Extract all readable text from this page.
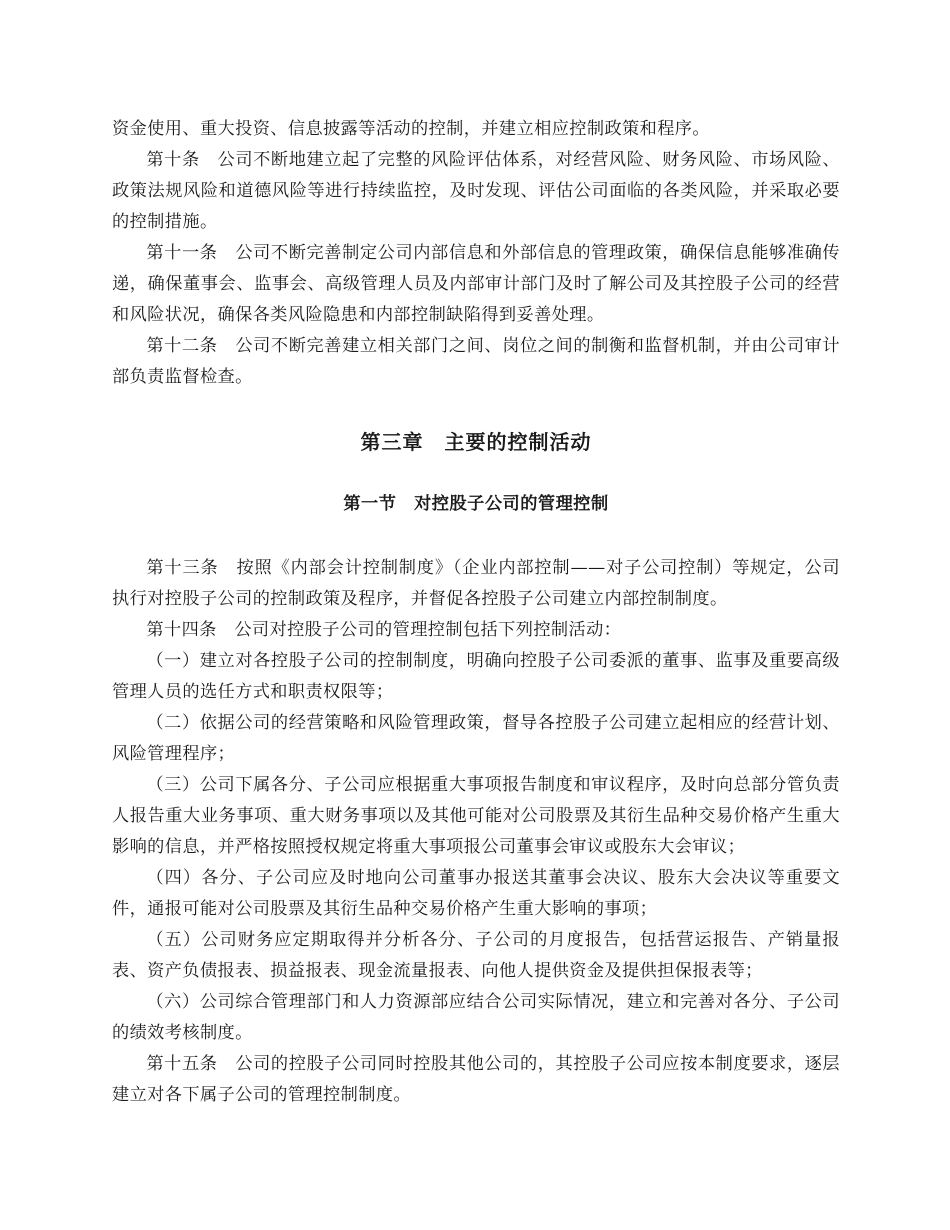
资金使用、重大投资、信息披露等活动的控制，并建立相应控制政策和程序。

第十条　公司不断地建立起了完整的风险评估体系，对经营风险、财务风险、市场风险、政策法规风险和道德风险等进行持续监控，及时发现、评估公司面临的各类风险，并采取必要的控制措施。

第十一条　公司不断完善制定公司内部信息和外部信息的管理政策，确保信息能够准确传递，确保董事会、监事会、高级管理人员及内部审计部门及时了解公司及其控股子公司的经营和风险状况，确保各类风险隐患和内部控制缺陷得到妥善处理。

第十二条　公司不断完善建立相关部门之间、岗位之间的制衡和监督机制，并由公司审计部负责监督检查。

第三章　主要的控制活动
第一节　对控股子公司的管理控制

第十三条　按照《内部会计控制制度》（企业内部控制——对子公司控制）等规定，公司执行对控股子公司的控制政策及程序，并督促各控股子公司建立内部控制制度。

第十四条　公司对控股子公司的管理控制包括下列控制活动：

（一）建立对各控股子公司的控制制度，明确向控股子公司委派的董事、监事及重要高级管理人员的选任方式和职责权限等；

（二）依据公司的经营策略和风险管理政策，督导各控股子公司建立起相应的经营计划、风险管理程序；

（三）公司下属各分、子公司应根据重大事项报告制度和审议程序，及时向总部分管负责人报告重大业务事项、重大财务事项以及其他可能对公司股票及其衍生品种交易价格产生重大影响的信息，并严格按照授权规定将重大事项报公司董事会审议或股东大会审议；

（四）各分、子公司应及时地向公司董事办报送其董事会决议、股东大会决议等重要文件，通报可能对公司股票及其衍生品种交易价格产生重大影响的事项；

（五）公司财务应定期取得并分析各分、子公司的月度报告，包括营运报告、产销量报表、资产负债报表、损益报表、现金流量报表、向他人提供资金及提供担保报表等；

（六）公司综合管理部门和人力资源部应结合公司实际情况，建立和完善对各分、子公司的绩效考核制度。

第十五条　公司的控股子公司同时控股其他公司的，其控股子公司应按本制度要求，逐层建立对各下属子公司的管理控制制度。
